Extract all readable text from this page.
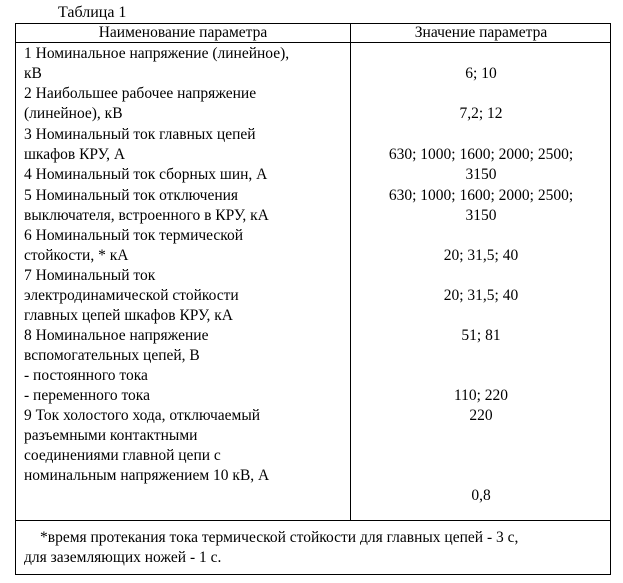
Таблица 1
Наименование параметра	Значение параметра
1 Номинальное напряжение (линейное),
кВ
2 Наибольшее рабочее напряжение
(линейное), кВ
3 Номинальный ток главных цепей
шкафов КРУ, А
4 Номинальный ток сборных шин, А
5 Номинальный ток отключения
выключателя, встроенного в КРУ, кА
6 Номинальный ток термической
стойкости, * кА
7 Номинальный ток
электродинамической стойкости
главных цепей шкафов КРУ, кА
8 Номинальное напряжение
вспомогательных цепей, В
- постоянного тока
- переменного тока
9 Ток холостого хода, отключаемый
разъемными контактными
соединениями главной цепи с
номинальным напряжением 10 кВ, А
6; 10
7,2; 12
630; 1000; 1600; 2000; 2500;
3150
630; 1000; 1600; 2000; 2500;
3150
20; 31,5; 40
20; 31,5; 40
51; 81
110; 220
220
0,8
*время протекания тока термической стойкости для главных цепей - 3 с,
для заземляющих ножей - 1 с.
